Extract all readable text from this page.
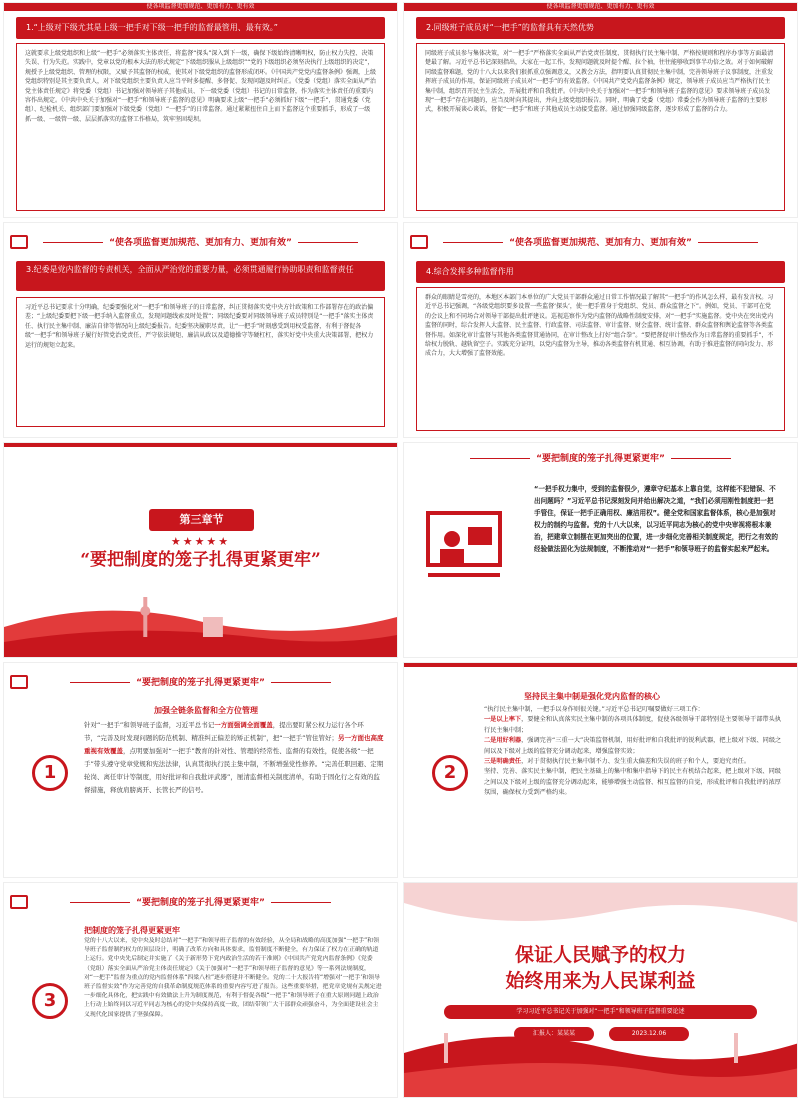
使各项监督更加规范、更加有力、更有效
1.“上级对下级尤其是上级一把手对下级一把手的监督最管用、最有效。”
这就要求上级党组织和上级“一把手”必须落实主体责任，将监督“探头”深入到下一级，确保下级始终清晰明权，防止权力失控、决策失误、行为失范。实践中，党章以党的根本大法的形式规定“下级组织服从上级组织”“党的下级组织必须坚决执行上级组织的决定”，规授予上级党组织、管理的权限，又赋予其监督的权威，使其对下级党组织的监督形成闭环。《中国共产党党内监督条例》强调，上级党组织特别是其主要负责人，对下级党组织主要负责人应当平时多提醒、多督促、发现问题及时纠正。《党委（党组）落实全面从严治党主体责任规定》将党委（党组）书记加强对领导班子其他成员、下一级党委（党组）书记的日常监督，作为落实主体责任的重要内容作出规定。《中共中央关于加强对“一把手”和领导班子监督的意见》明确要求上级“一把手”必须抓好下级“一把手”，贯通党委（党组）、纪检机关、组织部门要加强对下级党委（党组）“一把手”的日常监督。通过紧紧扭住自上而下监督这个重要抓手，形成了一级抓一级、一级管一级、层层抓落实的监督工作格局，筑牢坚固堤坝。
使各项监督更加规范、更加有力、更有效
2.同级班子成员对“一把手”的监督具有天然优势
同级班子成员参与集体决策，对“一把手”严格落实全面从严治党责任制度、贯彻执行民主集中制、严格按规则和程序办事等方面最清楚最了解。习近平总书记深刻指出，大家在一起工作，发现问题就及时提个醒、拉个袖，往往能够收到事半功倍之效。对于如何破解同级监督难题，党的十八大以来我们狠抓重点强调意义，又教会方法，指明要认真贯彻民主集中制，完善领导班子议事制度，注重发挥班子成员的作用，保证同级班子成员对“一把手”的有效监督。《中国共产党党内监督条例》规定，领导班子成员应当严格执行民主集中制，组织召开民主生活会，开展批评和自我批评。《中共中央关于加强对“一把手”和领导班子监督的意见》要求领导班子成员发现“一把手”存在问题的，应当及时向其提出，并向上级党组织报告。同时，明确了党委（党组）常委会作为领导班子监督的主要形式，积极开展谈心谈话，督促“一把手”和班子其他成员主动接受监督。通过加强同级监督，逐步形成了监督的合力。
“使各项监督更加规范、更加有力、更加有效”
3.纪委是党内监督的专责机关，全面从严治党的重要力量，必须贯通履行协助职责和监督责任
习近平总书记要求十分明确，纪委要强化对“一把手”和领导班子的日常监督，纠正贯彻落实党中央方针政策和工作部署存在的政治偏差；“上级纪委要把下级一把手纳入监督重点，发现问题线索及时处置”；同级纪委要对同级领导班子成员特别是“一把手”落实主体责任、执行民主集中制、廉洁自律等情况向上级纪委报告。纪委坚决履职尽责，让“一把手”时刻感受到用权受监督，有利于督促各级“一把手”和领导班子履行好管党治党责任，严守依法规矩、廉洁从政以及道德操守等硬杠杠，落实好党中央重大决策部署，把权力运行的规矩立起来。
“使各项监督更加规范、更加有力、更加有效”
4.综合发挥多种监督作用
群众的眼睛是雪亮的，本地区本部门本单位的广大党员干部群众通过日常工作情况最了解其“一把手”的作风怎么样，最有发言权。习近平总书记强调，“各级党组织要多设置一些监督‘探头’，使一把手置身于党组织、党员、群众监督之下”。例如，党员、干部可在党的会议上和不同场合对领导干部提出批评建议。巡视巡察作为党内监督的战略性制度安排，对“一把手”实施监督。党中央在突出党内监督的同时，综合发挥人大监督、民主监督、行政监督、司法监督、审计监督、财会监督、统计监督、群众监督和舆论监督等各类监督作用。如深化审计监督与其他各类监督贯通协同，在审计整改上打好“组合拳”。“要把督促审计整改作为日常监督的重要抓手”，不给权力脱轨、越轨留空子。实践充分证明，以党内监督为主导，推动各类监督有机贯通、相互协调，有助于推进监督的同向发力、形成合力，大大增强了监督效能。
第三章节
★★★★★
“要把制度的笼子扎得更紧更牢”
“要把制度的笼子扎得更紧更牢”
“一把手权力集中，受到的监督很少，遵章守纪基本上靠自觉，这样能不犯错误、不出问题吗？”习近平总书记深刻发问并给出解决之道，“我们必须用刚性制度把一把手管住，保证一把手正确用权、廉洁用权”。健全党和国家监督体系，核心是加强对权力的制约与监督。党的十八大以来，以习近平同志为核心的党中央审视将根本兼治，把建章立制摆在更加突出的位置，进一步细化完善相关制度规定，把行之有效的经验做法固化为法规制度，不断推动对“一把手”和领导班子的监督实起来严起来。
“要把制度的笼子扎得更紧更牢”
1
加强全链条监督和全方位管理
针对“一把手”和领导班子监督，习近平总书记一方面强调全面覆盖，提出要盯紧公权力运行各个环节，“完善及时发现问题的防范机制、精准纠正偏差的矫正机制”，把“一把手”管住管好；另一方面也高度重视有效覆盖，点明要加强对“一把手”教育的针对性、管理的经常性、监督的有效性，促使各级“一把手”带头遵守党章党规和宪法法律，认真贯彻执行民主集中制，不断增强党性修养。“完善任职回避、定期轮岗、离任审计等制度，用好批评和自我批评武器”，厘清监督相关制度清单，有助于固化行之有效的监督措施，释放肩膀离开、长管长严的信号。
2
坚持民主集中制是强化党内监督的核心
“执行民主集中制，一把手以身作则很关键。”习近平总书记叮嘱要做好三项工作：
一是以上率下，要健全和认真落实民主集中制的各项具体制度，促使各级领导干部特别是主要领导干部带头执行民主集中制；
二是用好利器，强调完善“三重一大”决策监督机制，用好批评和自我批评的锐利武器，把上级对下级、同级之间以及下级对上级的监督充分调动起来，增强监督实效；
三是明确责任，对于贯彻执行民主集中制不力、发生重大偏差和失误的班子和个人，要追究责任。
坚持、完善、落实民主集中制，把民主基础上的集中和集中指导下的民主有机结合起来，把上级对下级、同级之间以及下级对上级的监督充分调动起来，能够增强主动监督、相互监督的自觉，形成批评和自我批评的浓厚氛围，确保权力受到严格约束。
“要把制度的笼子扎得更紧更牢”
3
把制度的笼子扎得更紧更牢
党的十八大以来，党中央及时总结对“一把手”和领导班子监督的有效经验，从全局和战略的高度加强“一把手”和领导班子监督制约权力的顶层设计，明确了改革方向和具体要求，监督制度不断健全，有力保证了权力在正确的轨道上运行。党中央先后制定并实施了《关于新形势下党内政治生活的若干准则》《中国共产党党内监督条例》《党委（党组）落实全面从严治党主体责任规定》《关于加强对“一把手”和领导班子监督的意见》等一系列法规制度，对“一把手”监督为重点的党内监督体系“四梁八柱”逐步搭建并不断健全。党的二十大报告将“增强对‘一把手’和领导班子监督实效”作为完善党的自我革命制度规范体系的重要内容写进了报告。这些重要举措，把党章党规有关规定进一步细化具体化，把实践中有效做法上升为制度规范，有利于督促各级“一把手”和领导班子在重大原则问题上政治上行动上始终同以习近平同志为核心的党中央保持高度一致，团结带领广大干部群众顽强奋斗，为全面建设社会主义现代化国家提供了坚强保障。
保证人民赋予的权力
始终用来为人民谋利益
学习习近平总书记关于加强对“一把手”和领导班子监督重要论述
汇报人：某某某	2023.12.06
